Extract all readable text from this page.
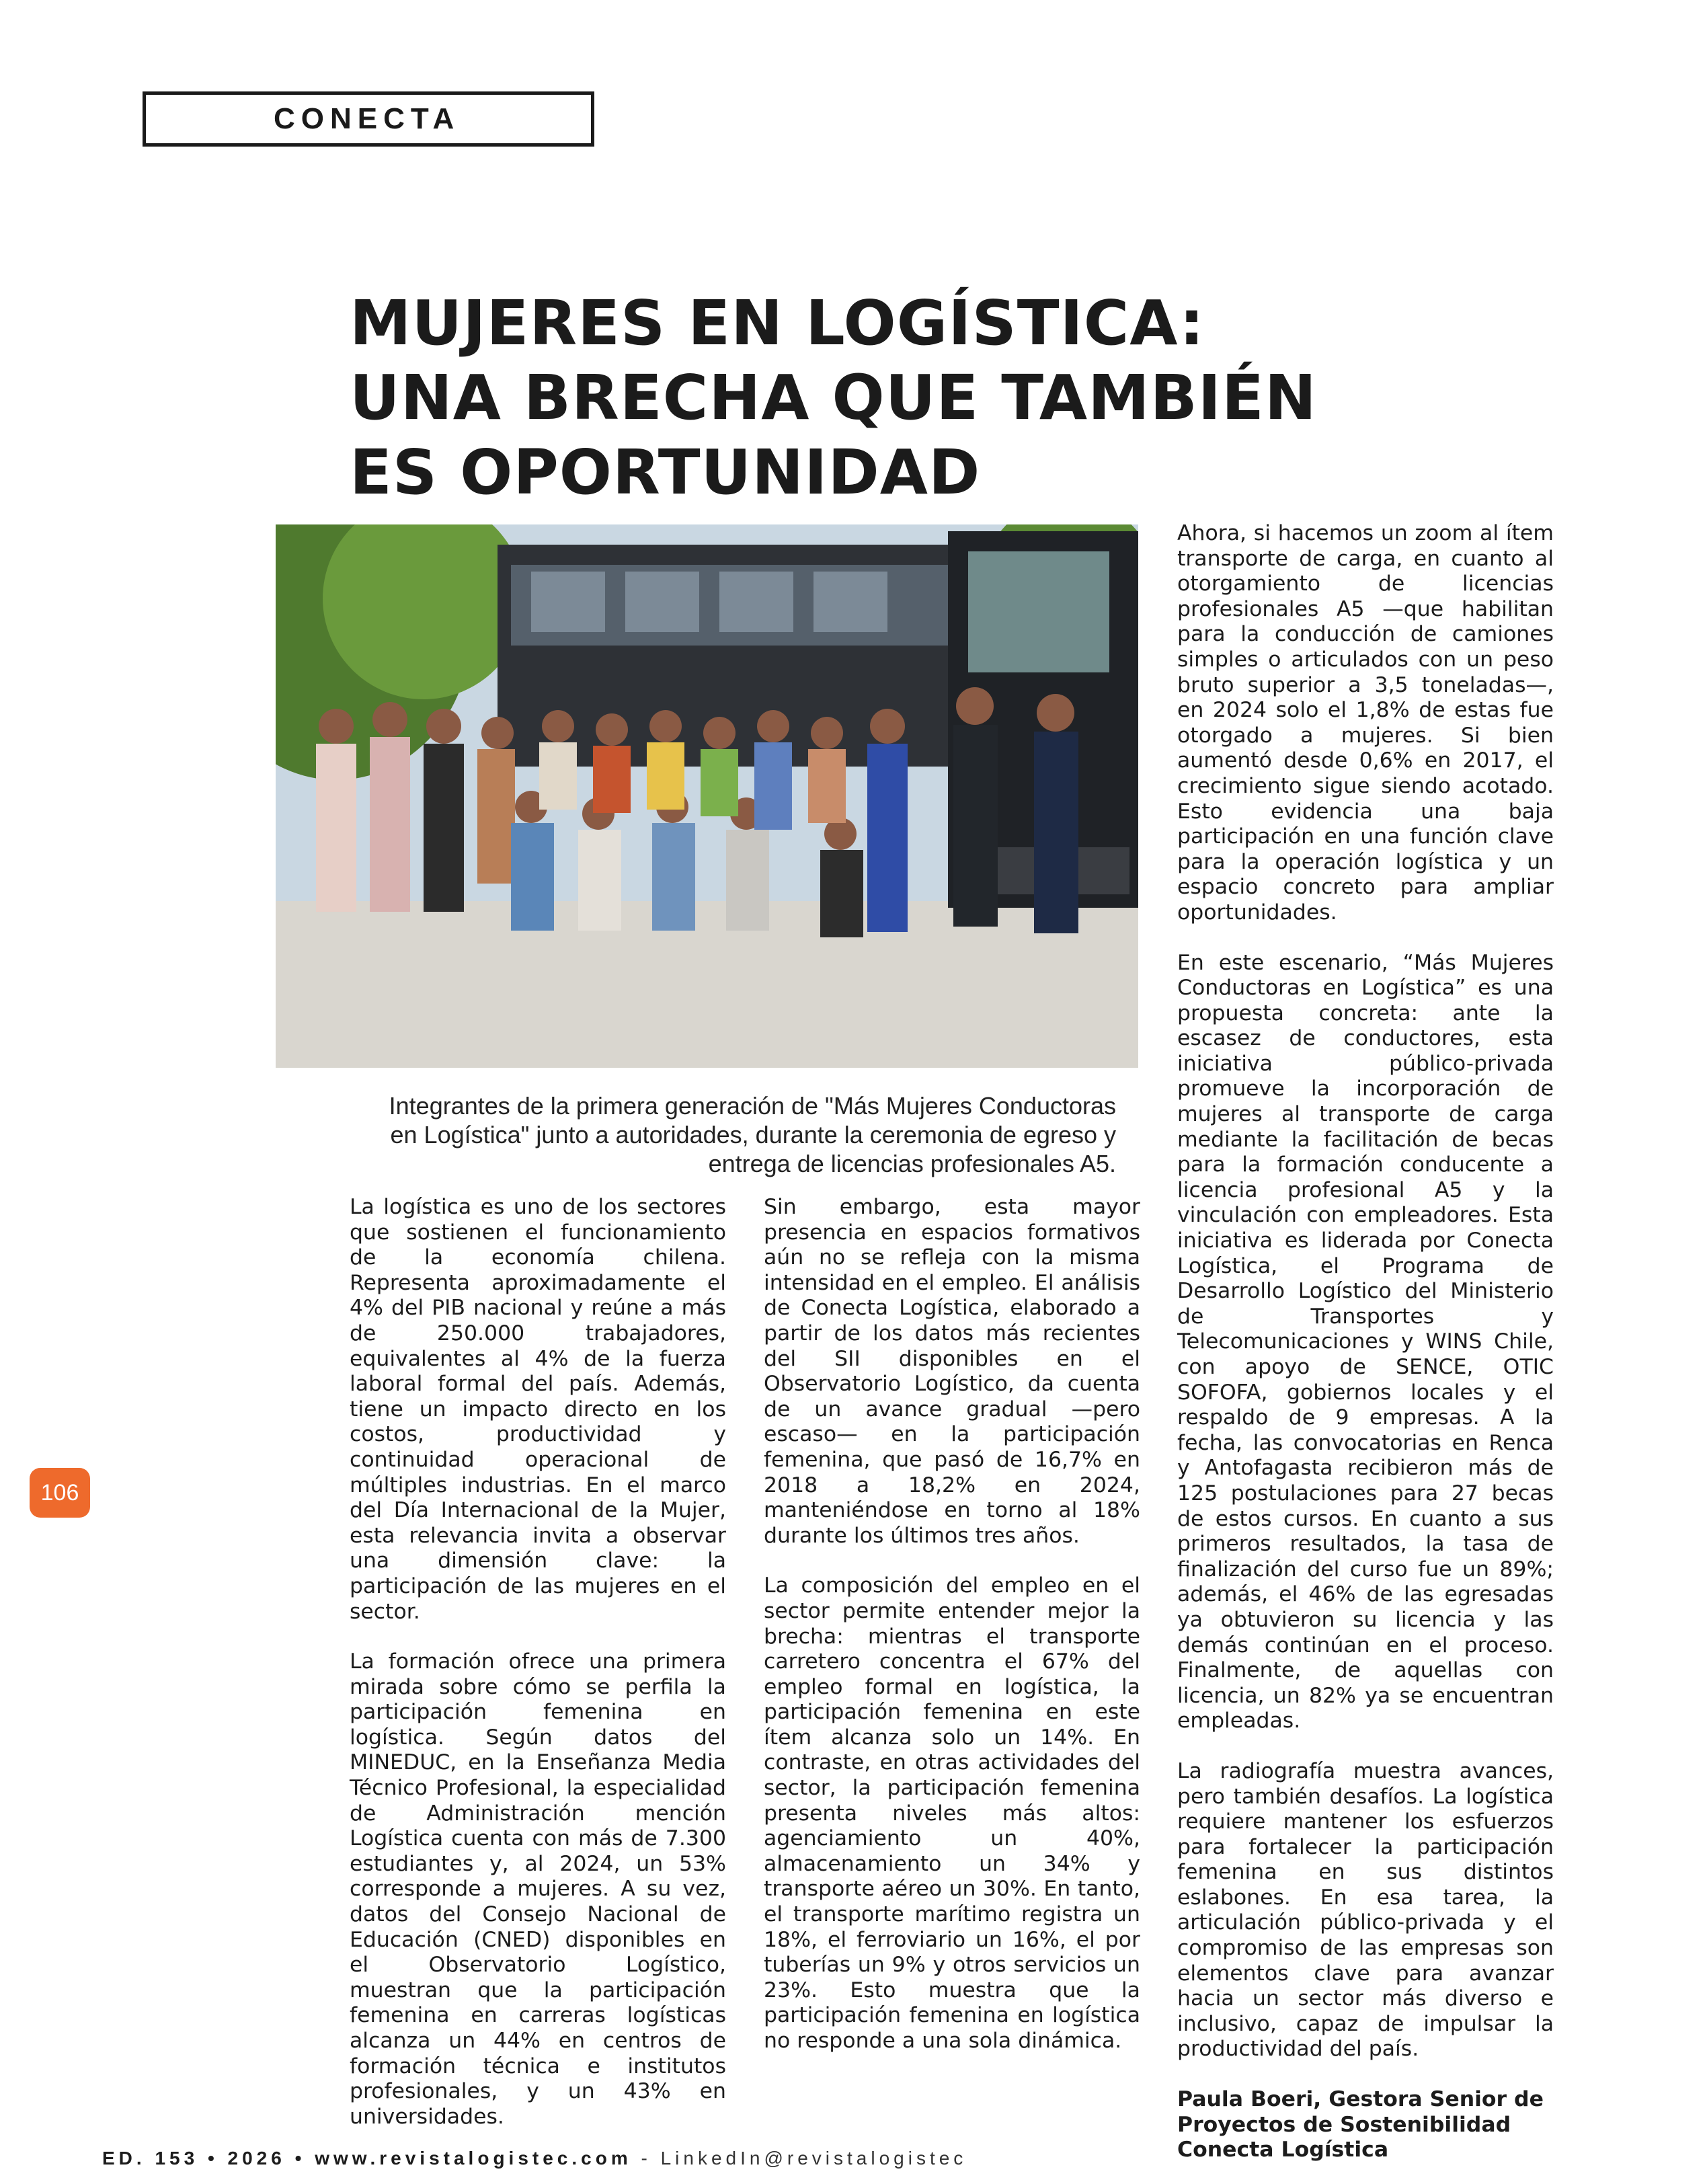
CONECTA
MUJERES EN LOGÍSTICA:
UNA BRECHA QUE TAMBIÉN
ES OPORTUNIDAD

Integrantes de la primera generación de "Más Mujeres Conductoras en Logística" junto a autoridades, durante la ceremonia de egreso y entrega de licencias profesionales A5.

La logística es uno de los sectores que sostienen el funcionamiento de la economía chilena. Representa aproximadamente el 4% del PIB nacional y reúne a más de 250.000 trabajadores, equivalentes al 4% de la fuerza laboral formal del país. Además, tiene un impacto directo en los costos, productividad y continuidad operacional de múltiples industrias. En el marco del Día Internacional de la Mujer, esta relevancia invita a observar una dimensión clave: la participación de las mujeres en el sector.

La formación ofrece una primera mirada sobre cómo se perfila la participación femenina en logística. Según datos del MINEDUC, en la Enseñanza Media Técnico Profesional, la especialidad de Administración mención Logística cuenta con más de 7.300 estudiantes y, al 2024, un 53% corresponde a mujeres. A su vez, datos del Consejo Nacional de Educación (CNED) disponibles en el Observatorio Logístico, muestran que la participación femenina en carreras logísticas alcanza un 44% en centros de formación técnica e institutos profesionales, y un 43% en universidades.

Sin embargo, esta mayor presencia en espacios formativos aún no se refleja con la misma intensidad en el empleo. El análisis de Conecta Logística, elaborado a partir de los datos más recientes del SII disponibles en el Observatorio Logístico, da cuenta de un avance gradual —pero escaso— en la participación femenina, que pasó de 16,7% en 2018 a 18,2% en 2024, manteniéndose en torno al 18% durante los últimos tres años.

La composición del empleo en el sector permite entender mejor la brecha: mientras el transporte carretero concentra el 67% del empleo formal en logística, la participación femenina en este ítem alcanza solo un 14%. En contraste, en otras actividades del sector, la participación femenina presenta niveles más altos: agenciamiento un 40%, almacenamiento un 34% y transporte aéreo un 30%. En tanto, el transporte marítimo registra un 18%, el ferroviario un 16%, el por tuberías un 9% y otros servicios un 23%. Esto muestra que la participación femenina en logística no responde a una sola dinámica.

Ahora, si hacemos un zoom al ítem transporte de carga, en cuanto al otorgamiento de licencias profesionales A5 —que habilitan para la conducción de camiones simples o articulados con un peso bruto superior a 3,5 toneladas—, en 2024 solo el 1,8% de estas fue otorgado a mujeres. Si bien aumentó desde 0,6% en 2017, el crecimiento sigue siendo acotado. Esto evidencia una baja participación en una función clave para la operación logística y un espacio concreto para ampliar oportunidades.

En este escenario, “Más Mujeres Conductoras en Logística” es una propuesta concreta: ante la escasez de conductores, esta iniciativa público-privada promueve la incorporación de mujeres al transporte de carga mediante la facilitación de becas para la formación conducente a licencia profesional A5 y la vinculación con empleadores. Esta iniciativa es liderada por Conecta Logística, el Programa de Desarrollo Logístico del Ministerio de Transportes y Telecomunicaciones y WINS Chile, con apoyo de SENCE, OTIC SOFOFA, gobiernos locales y el respaldo de 9 empresas. A la fecha, las convocatorias en Renca y Antofagasta recibieron más de 125 postulaciones para 27 becas de estos cursos. En cuanto a sus primeros resultados, la tasa de finalización del curso fue un 89%; además, el 46% de las egresadas ya obtuvieron su licencia y las demás continúan en el proceso. Finalmente, de aquellas con licencia, un 82% ya se encuentran empleadas.

La radiografía muestra avances, pero también desafíos. La logística requiere mantener los esfuerzos para fortalecer la participación femenina en sus distintos eslabones. En esa tarea, la articulación público-privada y el compromiso de las empresas son elementos clave para avanzar hacia un sector más diverso e inclusivo, capaz de impulsar la productividad del país.

Paula Boeri, Gestora Senior de
Proyectos de Sostenibilidad
Conecta Logística
106
ED. 153 • 2026 • www.revistalogistec.com - LinkedIn@revistalogistec
